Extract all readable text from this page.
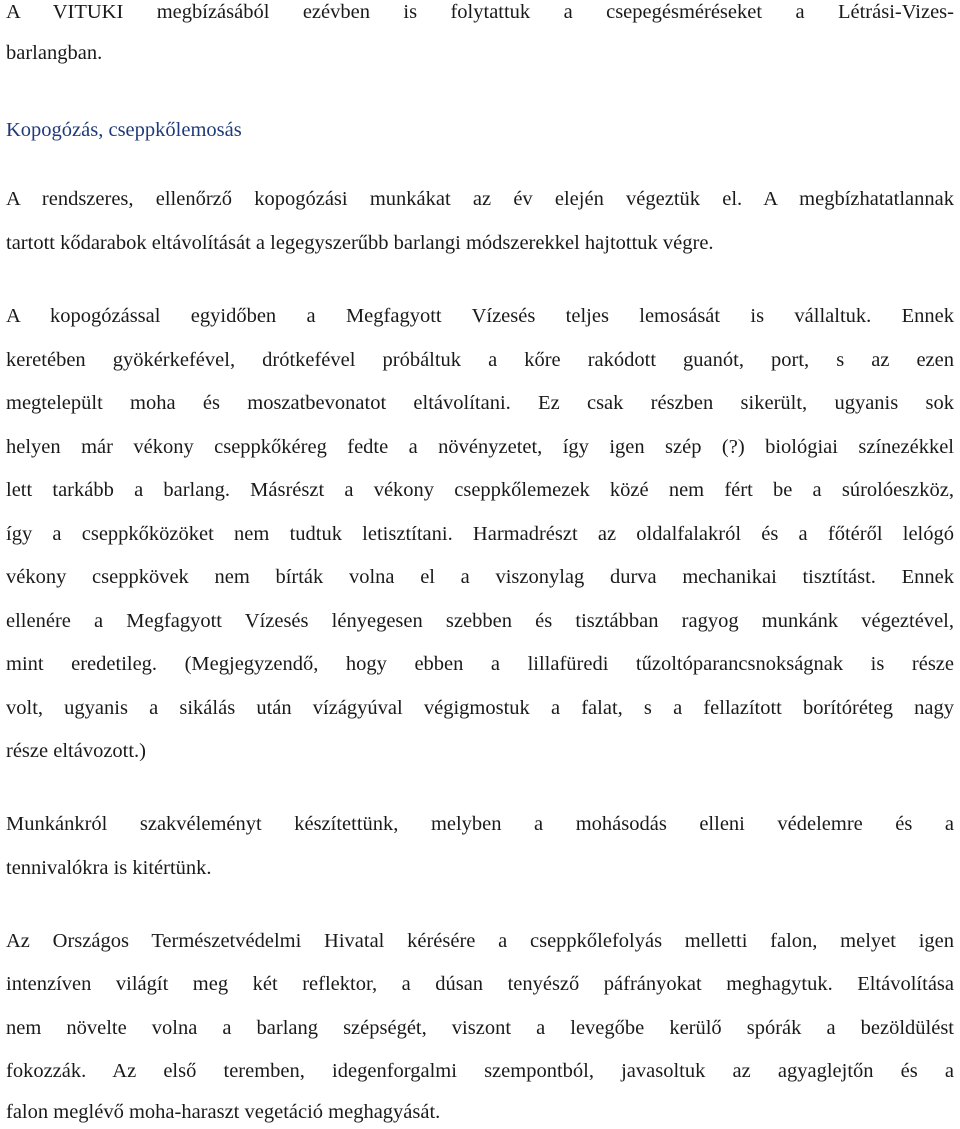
A VITUKI megbízásából ezévben is folytattuk a csepegésméréseket a Létrási-Vizes-
barlangban.
Kopogózás, cseppkőlemosás
A rendszeres, ellenőrző kopogózási munkákat az év elején végeztük el. A megbízhatatlannak
tartott kődarabok eltávolítását a legegyszerűbb barlangi módszerekkel hajtottuk végre.
A kopogózással egyidőben a Megfagyott Vízesés teljes lemosását is vállaltuk. Ennek
keretében gyökérkefével, drótkefével próbáltuk a kőre rakódott guanót, port, s az ezen
megtelepült moha és moszatbevonatot eltávolítani. Ez csak részben sikerült, ugyanis sok
helyen már vékony cseppkőkéreg fedte a növényzetet, így igen szép (?) biológiai színezékkel
lett tarkább a barlang. Másrészt a vékony cseppkőlemezek közé nem fért be a súrolóeszköz,
így a cseppkőközöket nem tudtuk letisztítani. Harmadrészt az oldalfalakról és a főtéről lelógó
vékony cseppkövek nem bírták volna el a viszonylag durva mechanikai tisztítást. Ennek
ellenére a Megfagyott Vízesés lényegesen szebben és tisztábban ragyog munkánk végeztével,
mint eredetileg. (Megjegyzendő, hogy ebben a lillafüredi tűzoltóparancsnokságnak is része
volt, ugyanis a sikálás után vízágyúval végigmostuk a falat, s a fellazított borítóréteg nagy
része eltávozott.)
Munkánkról szakvéleményt készítettünk, melyben a mohásodás elleni védelemre és a
tennivalókra is kitértünk.
Az Országos Természetvédelmi Hivatal kérésére a cseppkőlefolyás melletti falon, melyet igen
intenzíven világít meg két reflektor, a dúsan tenyésző páfrányokat meghagytuk. Eltávolítása
nem növelte volna a barlang szépségét, viszont a levegőbe kerülő spórák a bezöldülést
fokozzák. Az első teremben, idegenforgalmi szempontból, javasoltuk az agyaglejtőn és a
falon meglévő moha-haraszt vegetáció meghagyását.
